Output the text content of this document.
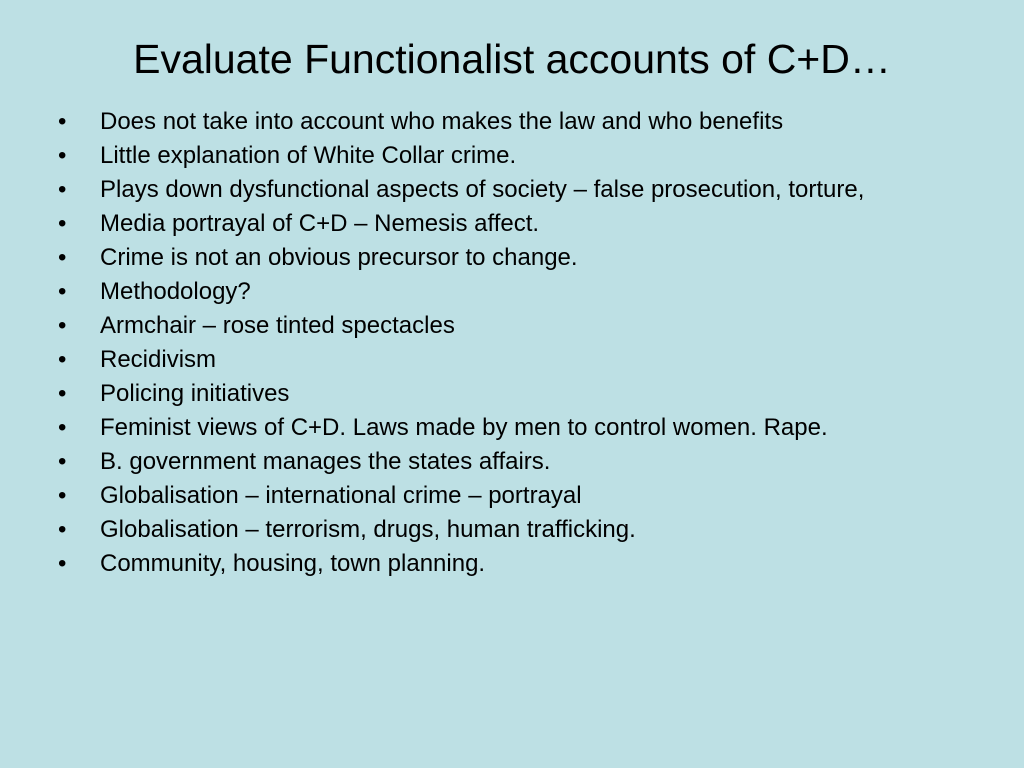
Evaluate Functionalist accounts of C+D…
• Does not take into account who makes the law and who benefits
• Little explanation of White Collar crime.
• Plays down dysfunctional aspects of society – false prosecution, torture,
• Media portrayal of C+D – Nemesis affect.
• Crime is not an obvious precursor to change.
• Methodology?
• Armchair – rose tinted spectacles
• Recidivism
• Policing initiatives
• Feminist views of C+D. Laws made by men to control women. Rape.
• B. government manages the states affairs.
• Globalisation – international crime – portrayal
• Globalisation – terrorism, drugs, human trafficking.
• Community, housing, town planning.
